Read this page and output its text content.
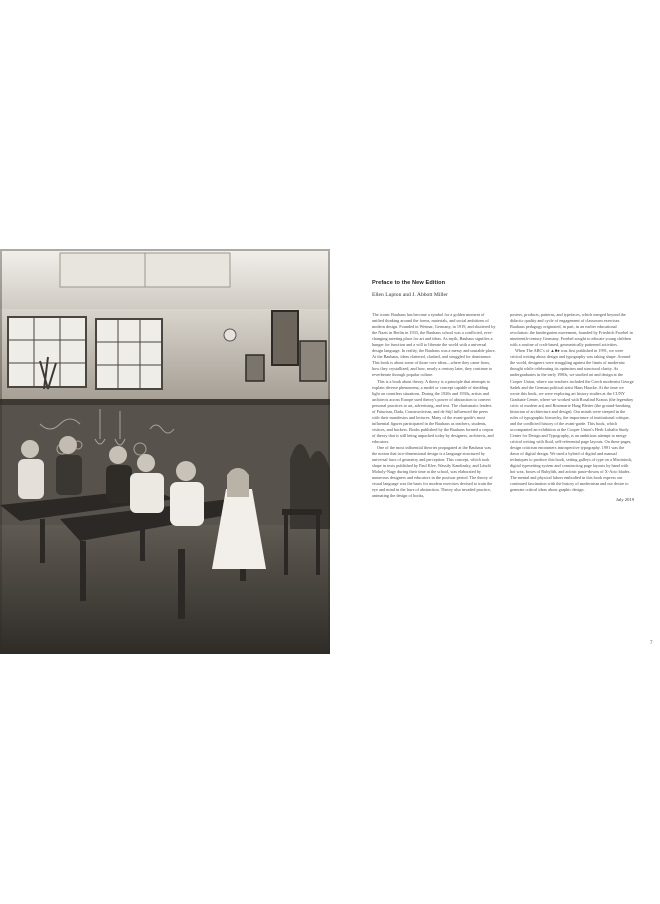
Preface to the New Edition
Ellen Lupton and J. Abbott Miller

The iconic Bauhaus has become a symbol for a golden moment of unified thinking around the forms, materials, and social ambitions of modern design. Founded in Weimar, Germany, in 1919, and shuttered by the Nazis in Berlin in 1933, the Bauhaus school was a conflicted, ever-changing meeting place for art and ideas. As myth, Bauhaus signifies a hunger for function and a will to liberate the world with a universal design language. In reality, the Bauhaus was a messy and unstable place. At the Bauhaus, ideas clattered, clashed, and struggled for dominance. This book is about some of those core ideas—where they came from, how they crystallized, and how, nearly a century later, they continue to reverberate through popular culture.

This is a book about theory. A theory is a principle that attempts to explain diverse phenomena, a model or concept capable of shedding light on countless situations. During the 1920s and 1930s, artists and architects across Europe used theory's power of abstraction to convert personal practices to art, advertising, and text. The charismatic leaders of Futurism, Dada, Constructivism, and de Stijl influenced the peers with their manifestos and lectures. Many of the avant-garde's most influential figures participated in the Bauhaus as teachers, students, visitors, and backers. Books published by the Bauhaus formed a corpus of theory that is still being unpacked today by designers, architects, and educators.

One of the most influential theories propagated at the Bauhaus was the notion that two-dimensional design is a language structured by universal laws of geometry and perception. This concept, which took shape in texts published by Paul Klee, Wassily Kandinsky, and László Moholy-Nagy during their time at the school, was elaborated by numerous designers and educators in the postwar period. The theory of visual language was the basis for modern exercises devised to train the eye and mind in the laws of abstraction. Theory also invaded practice, animating the design of books,

posters, products, patterns, and typefaces, which merged beyond the didactic quality and cycle of engagement of classroom exercises. Bauhaus pedagogy originated, in part, in an earlier educational revolution: the kindergarten movement, founded by Friedrich Froebel in nineteenth-century Germany. Froebel sought to educate young children with a routine of craft-based, geometrically patterned activities.

When The ABC's of ▲■● was first published in 1991, we were critical writing about design and typography was taking shape. Around the world, designers were struggling against the limits of modernist thought while celebrating its optimism and structural clarity. As undergraduates in the early 1980s, we studied art and design at the Cooper Union, where our teachers included the Czech modernist George Sadek and the German political artist Hans Haacke. At the time we wrote this book, we were exploring art history studies at the CUNY Graduate Center, where we worked with Rosalind Krauss (the legendary critic of modern art) and Rosemarie Haag Bletter (the ground-breaking historian of architecture and design). Our minds were steeped in the rules of typographic hierarchy, the importance of institutional critique, and the conflicted history of the avant-garde. This book, which accompanied an exhibition at the Cooper Union's Herb Lubalin Study Center for Design and Typography, is an ambitious attempt to merge critical writing with fluid, self-referential page layouts. On these pages, design criticism encounters introspective typography. 1991 was the dawn of digital design. We used a hybrid of digital and manual techniques to produce this book, setting galleys of type on a Macintosh, digital typesetting system and constructing page layouts by hand with hot wax, boxes of Rubylith, and actinic paste-downs of X-Acto blades. The mental and physical labors embodied in this book express our continued fascination with the history of modernism and our desire to generate critical ideas about graphic design.

July 2019
7
